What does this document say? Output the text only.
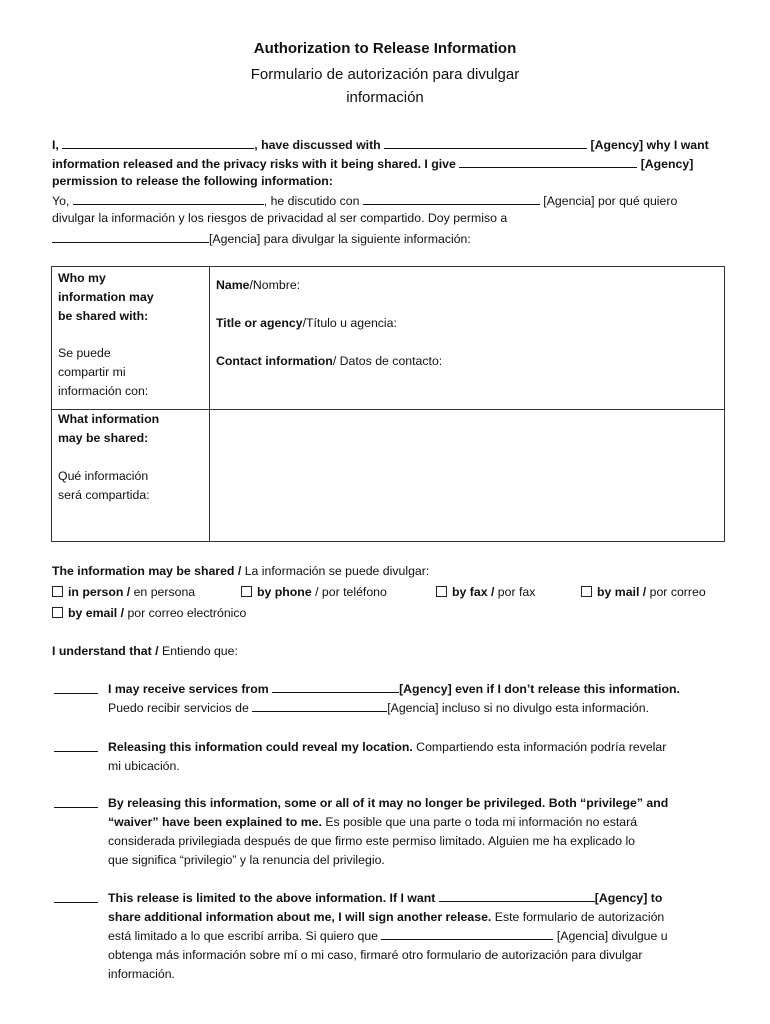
Authorization to Release Information
Formulario de autorización para divulgar
información
I,	, have discussed with	[Agency] why I want
information released and the privacy risks with it being shared. I give	[Agency]
permission to release the following information:
Yo,	, he discutido con	[Agencia] por qué quiero
divulgar la información y los riesgos de privacidad al ser compartido. Doy permiso a
[Agencia] para divulgar la siguiente información:
Who my
information may
be shared with:
Se puede
compartir mi
información con:
Name/Nombre:
Title or agency/Título u agencia:
Contact information/ Datos de contacto:
What information
may be shared:
Qué información
será compartida:
The information may be shared / La información se puede divulgar:
in person / en persona	by phone / por teléfono	by fax / por fax	by mail / por correo
by email / por correo electrónico
I understand that / Entiendo que:
I may receive services from	[Agency] even if I don’t release this information.
Puedo recibir servicios de	[Agencia] incluso si no divulgo esta información.
Releasing this information could reveal my location. Compartiendo esta información podría revelar
mi ubicación.
By releasing this information, some or all of it may no longer be privileged. Both “privilege” and
“waiver” have been explained to me. Es posible que una parte o toda mi información no estará
considerada privilegiada después de que firmo este permiso limitado. Alguien me ha explicado lo
que significa “privilegio” y la renuncia del privilegio.
This release is limited to the above information. If I want	[Agency] to
share additional information about me, I will sign another release. Este formulario de autorización
está limitado a lo que escribí arriba. Si quiero que	[Agencia] divulgue u
obtenga más información sobre mí o mi caso, firmaré otro formulario de autorización para divulgar
información.
